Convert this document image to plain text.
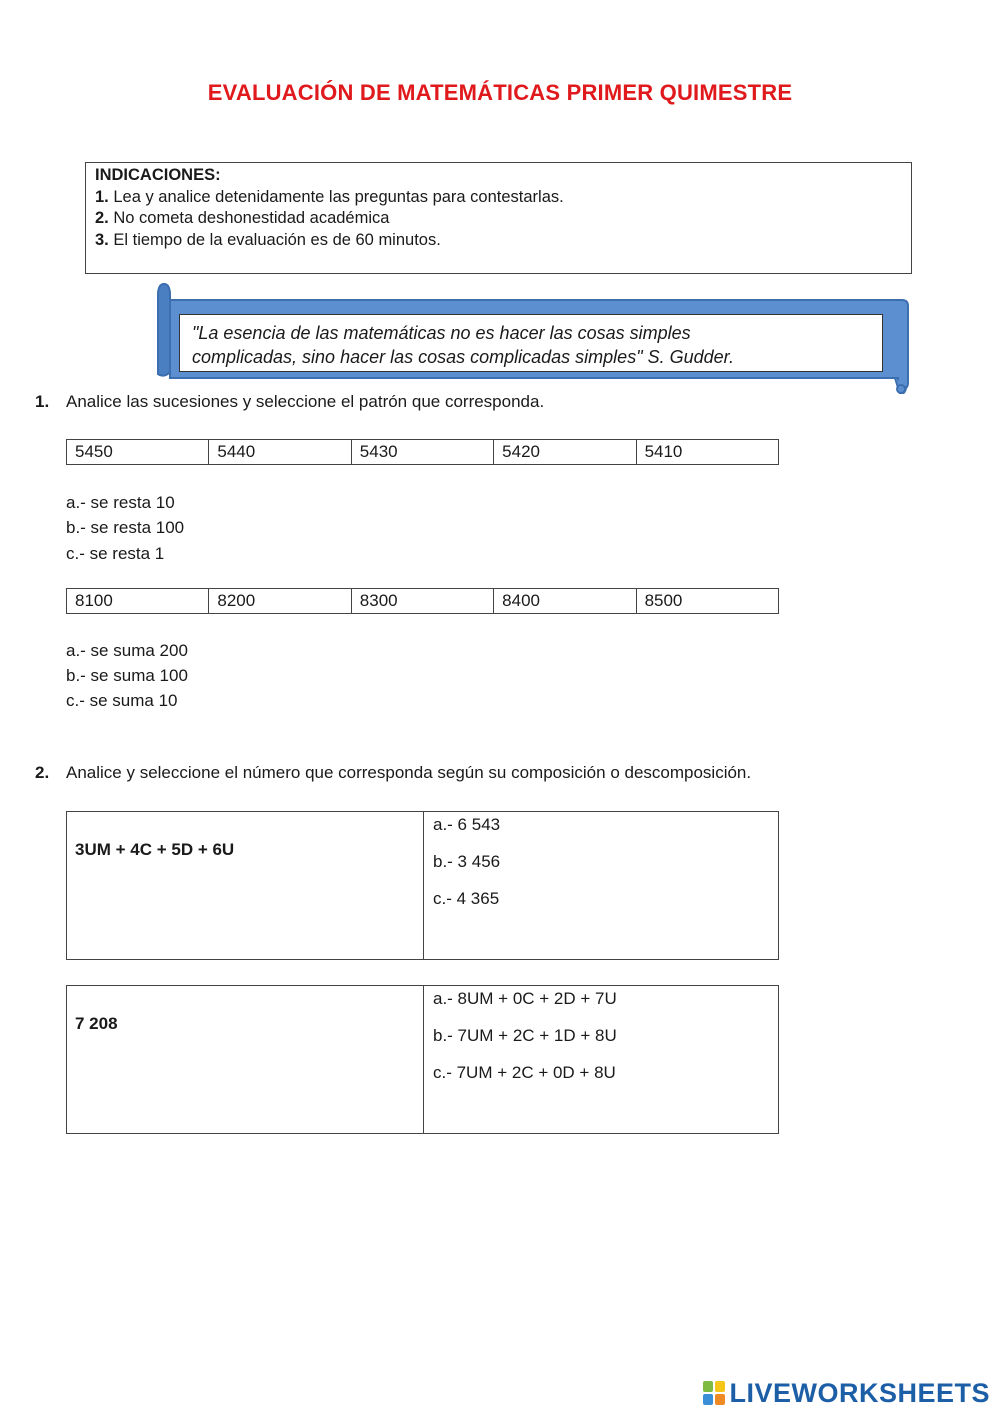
EVALUACIÓN DE MATEMÁTICAS PRIMER QUIMESTRE
INDICACIONES:
1. Lea y analice detenidamente las preguntas para contestarlas.
2. No cometa deshonestidad académica
3. El tiempo de la evaluación es de 60 minutos.
"La esencia de las matemáticas no es hacer las cosas simples
complicadas, sino hacer las cosas complicadas simples" S. Gudder.
1. Analice las sucesiones y seleccione el patrón que corresponda.
5450	5440	5430	5420	5410
a.- se resta 10
b.- se resta 100
c.- se resta 1
8100	8200	8300	8400	8500
a.- se suma 200
b.- se suma 100
c.- se suma 10
2. Analice y seleccione el número que corresponda según su composición o descomposición.
3UM + 4C + 5D + 6U

a.- 6 543
b.- 3 456
c.- 4 365
7 208

a.- 8UM + 0C + 2D + 7U
b.- 7UM + 2C + 1D + 8U
c.- 7UM + 2C + 0D + 8U
LIVEWORKSHEETS
